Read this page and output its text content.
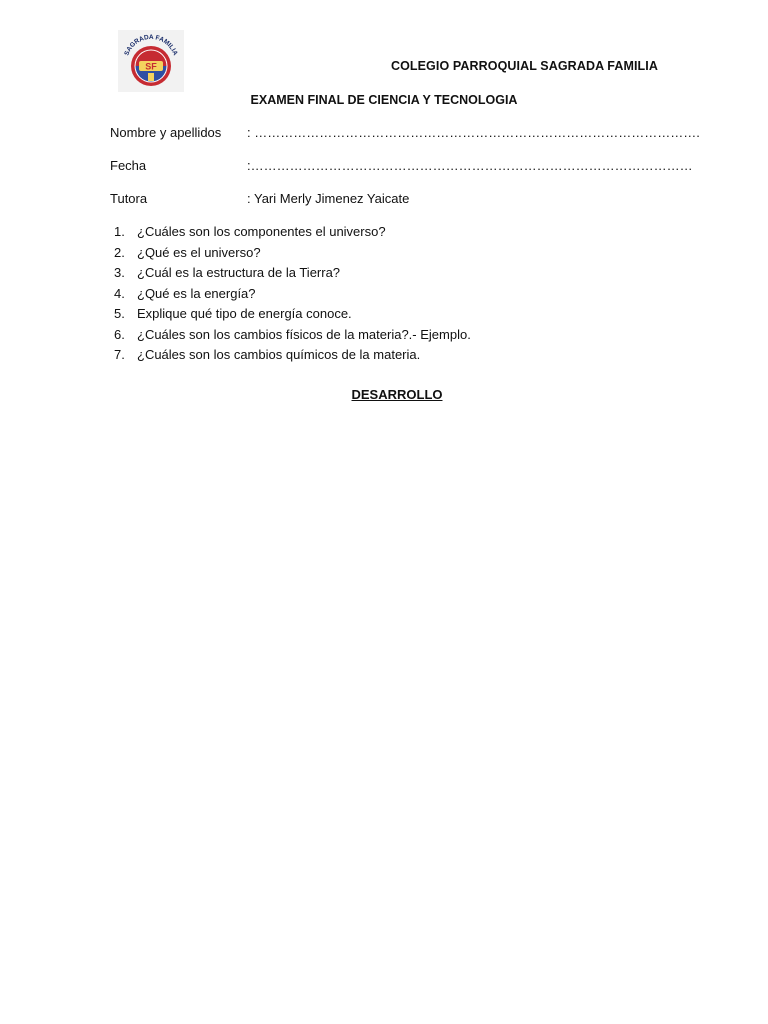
SAGRADA FAMILIA
SF	COLEGIO PARROQUIAL SAGRADA FAMILIA
EXAMEN FINAL DE CIENCIA Y TECNOLOGIA
Nombre y apellidos : ………………………………………………………………………………………….
Fecha	:…………………………………………………………………………………………
Tutora	: Yari Merly Jimenez Yaicate
1. ¿Cuáles son los componentes el universo?
2. ¿Qué es el universo?
3. ¿Cuál es la estructura de la Tierra?
4. ¿Qué es la energía?
5. Explique qué tipo de energía conoce.
6. ¿Cuáles son los cambios físicos de la materia?.- Ejemplo.
7. ¿Cuáles son los cambios químicos de la materia.
DESARROLLO
